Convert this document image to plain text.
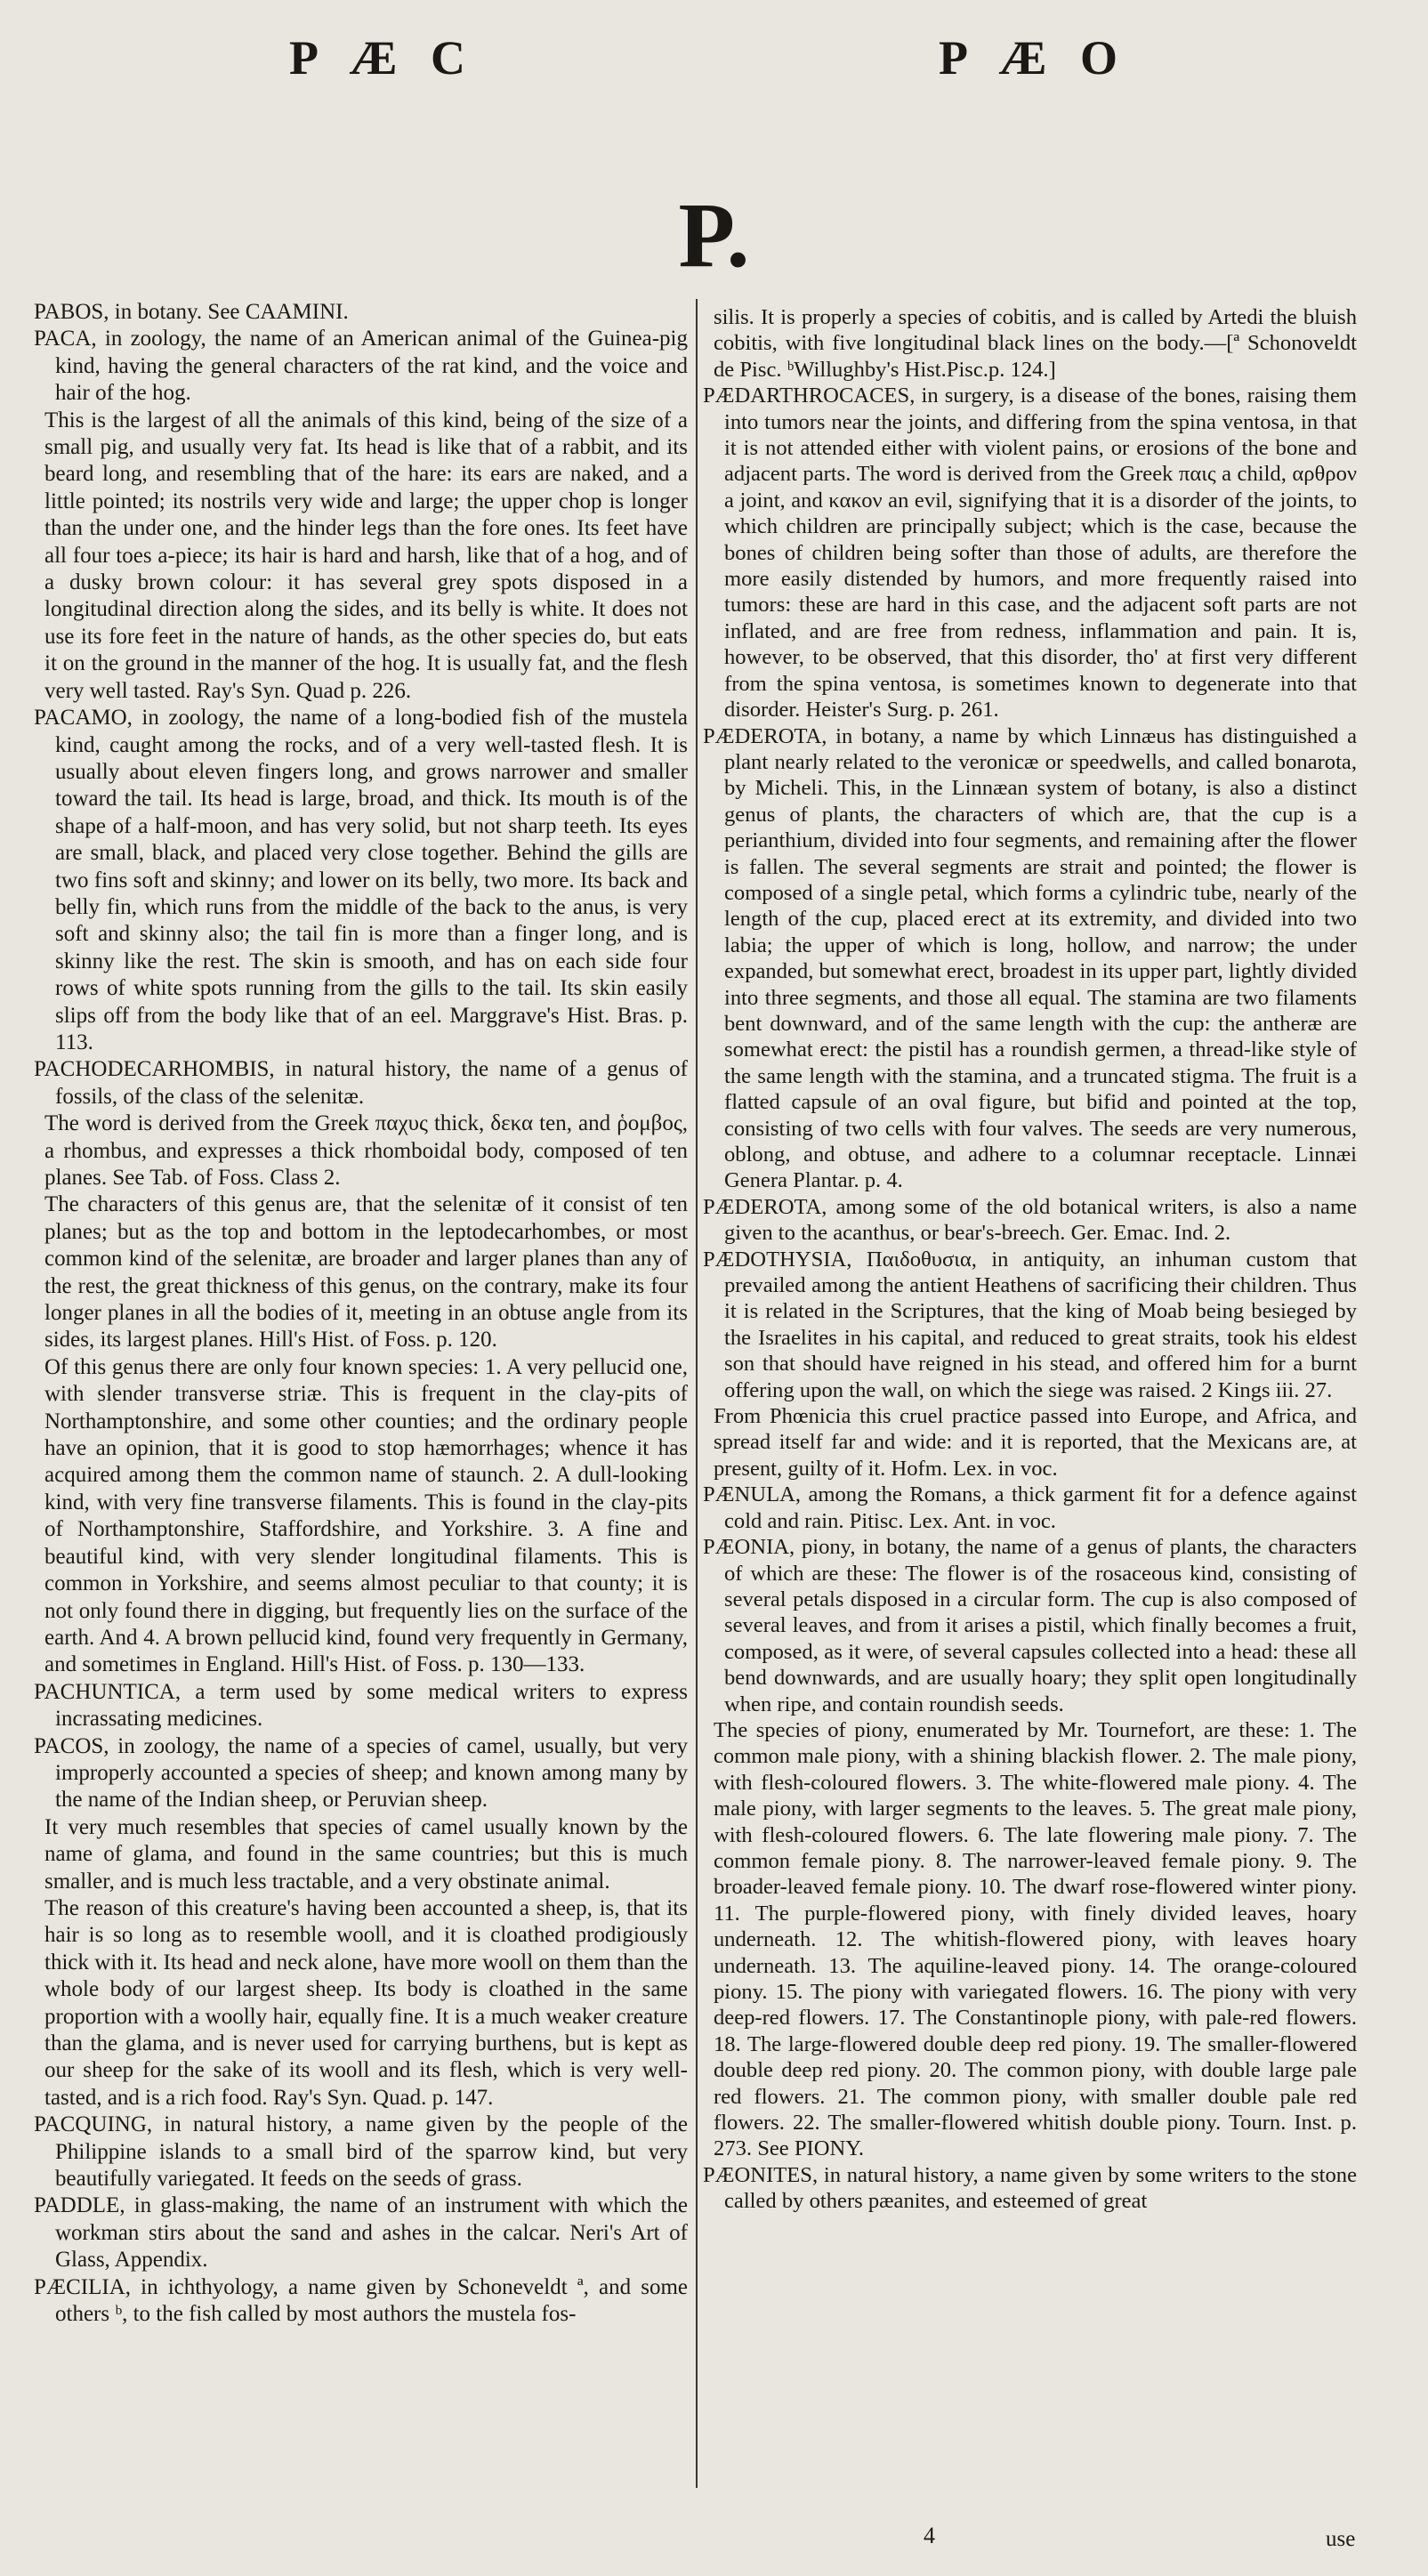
P Æ C	P Æ O
P.
PABOS, in botany. See CAAMINI.
PACA, in zoology, the name of an American animal of the Guinea-pig kind, having the general characters of the rat kind, and the voice and hair of the hog.
This is the largest of all the animals of this kind, being of the size of a small pig, and usually very fat. Its head is like that of a rabbit, and its beard long, and resembling that of the hare: its ears are naked, and a little pointed; its nostrils very wide and large; the upper chop is longer than the under one, and the hinder legs than the fore ones. Its feet have all four toes a-piece; its hair is hard and harsh, like that of a hog, and of a dusky brown colour: it has several grey spots disposed in a longitudinal direction along the sides, and its belly is white. It does not use its fore feet in the nature of hands, as the other species do, but eats it on the ground in the manner of the hog. It is usually fat, and the flesh very well tasted. Ray's Syn. Quad p. 226.
PACAMO, in zoology, the name of a long-bodied fish of the mustela kind, caught among the rocks, and of a very well-tasted flesh. It is usually about eleven fingers long, and grows narrower and smaller toward the tail. Its head is large, broad, and thick. Its mouth is of the shape of a half-moon, and has very solid, but not sharp teeth. Its eyes are small, black, and placed very close together. Behind the gills are two fins soft and skinny; and lower on its belly, two more. Its back and belly fin, which runs from the middle of the back to the anus, is very soft and skinny also; the tail fin is more than a finger long, and is skinny like the rest. The skin is smooth, and has on each side four rows of white spots running from the gills to the tail. Its skin easily slips off from the body like that of an eel. Marggrave's Hist. Bras. p. 113.
PACHODECARHOMBIS, in natural history, the name of a genus of fossils, of the class of the selenitæ.
The word is derived from the Greek παχυς thick, δεκα ten, and ῥομβος, a rhombus, and expresses a thick rhomboidal body, composed of ten planes. See Tab. of Foss. Class 2.
The characters of this genus are, that the selenitæ of it consist of ten planes; but as the top and bottom in the leptodecarhombes, or most common kind of the selenitæ, are broader and larger planes than any of the rest, the great thickness of this genus, on the contrary, make its four longer planes in all the bodies of it, meeting in an obtuse angle from its sides, its largest planes. Hill's Hist. of Foss. p. 120.
Of this genus there are only four known species: 1. A very pellucid one, with slender transverse striæ. This is frequent in the clay-pits of Northamptonshire, and some other counties; and the ordinary people have an opinion, that it is good to stop hæmorrhages; whence it has acquired among them the common name of staunch. 2. A dull-looking kind, with very fine transverse filaments. This is found in the clay-pits of Northamptonshire, Staffordshire, and Yorkshire. 3. A fine and beautiful kind, with very slender longitudinal filaments. This is common in Yorkshire, and seems almost peculiar to that county; it is not only found there in digging, but frequently lies on the surface of the earth. And 4. A brown pellucid kind, found very frequently in Germany, and sometimes in England. Hill's Hist. of Foss. p. 130—133.
PACHUNTICA, a term used by some medical writers to express incrassating medicines.
PACOS, in zoology, the name of a species of camel, usually, but very improperly accounted a species of sheep; and known among many by the name of the Indian sheep, or Peruvian sheep.
It very much resembles that species of camel usually known by the name of glama, and found in the same countries; but this is much smaller, and is much less tractable, and a very obstinate animal.
The reason of this creature's having been accounted a sheep, is, that its hair is so long as to resemble wooll, and it is cloathed prodigiously thick with it. Its head and neck alone, have more wooll on them than the whole body of our largest sheep. Its body is cloathed in the same proportion with a woolly hair, equally fine. It is a much weaker creature than the glama, and is never used for carrying burthens, but is kept as our sheep for the sake of its wooll and its flesh, which is very well-tasted, and is a rich food. Ray's Syn. Quad. p. 147.
PACQUING, in natural history, a name given by the people of the Philippine islands to a small bird of the sparrow kind, but very beautifully variegated. It feeds on the seeds of grass.
PADDLE, in glass-making, the name of an instrument with which the workman stirs about the sand and ashes in the calcar. Neri's Art of Glass, Appendix.
PÆCILIA, in ichthyology, a name given by Schoneveldt ª, and some others ᵇ, to the fish called by most authors the mustela fos-
silis. It is properly a species of cobitis, and is called by Artedi the bluish cobitis, with five longitudinal black lines on the body.—[ª Schonoveldt de Pisc. ᵇWillughby's Hist.Pisc.p. 124.]
PÆDARTHROCACES, in surgery, is a disease of the bones, raising them into tumors near the joints, and differing from the spina ventosa, in that it is not attended either with violent pains, or erosions of the bone and adjacent parts. The word is derived from the Greek παις a child, αρθρον a joint, and κακον an evil, signifying that it is a disorder of the joints, to which children are principally subject; which is the case, because the bones of children being softer than those of adults, are therefore the more easily distended by humors, and more frequently raised into tumors: these are hard in this case, and the adjacent soft parts are not inflated, and are free from redness, inflammation and pain. It is, however, to be observed, that this disorder, tho' at first very different from the spina ventosa, is sometimes known to degenerate into that disorder. Heister's Surg. p. 261.
PÆDEROTA, in botany, a name by which Linnæus has distinguished a plant nearly related to the veronicæ or speedwells, and called bonarota, by Micheli. This, in the Linnæan system of botany, is also a distinct genus of plants, the characters of which are, that the cup is a perianthium, divided into four segments, and remaining after the flower is fallen. The several segments are strait and pointed; the flower is composed of a single petal, which forms a cylindric tube, nearly of the length of the cup, placed erect at its extremity, and divided into two labia; the upper of which is long, hollow, and narrow; the under expanded, but somewhat erect, broadest in its upper part, lightly divided into three segments, and those all equal. The stamina are two filaments bent downward, and of the same length with the cup: the antheræ are somewhat erect: the pistil has a roundish germen, a thread-like style of the same length with the stamina, and a truncated stigma. The fruit is a flatted capsule of an oval figure, but bifid and pointed at the top, consisting of two cells with four valves. The seeds are very numerous, oblong, and obtuse, and adhere to a columnar receptacle. Linnæi Genera Plantar. p. 4.
PÆDEROTA, among some of the old botanical writers, is also a name given to the acanthus, or bear's-breech. Ger. Emac. Ind. 2.
PÆDOTHYSIA, Παιδοθυσια, in antiquity, an inhuman custom that prevailed among the antient Heathens of sacrificing their children. Thus it is related in the Scriptures, that the king of Moab being besieged by the Israelites in his capital, and reduced to great straits, took his eldest son that should have reigned in his stead, and offered him for a burnt offering upon the wall, on which the siege was raised. 2 Kings iii. 27.
From Phœnicia this cruel practice passed into Europe, and Africa, and spread itself far and wide: and it is reported, that the Mexicans are, at present, guilty of it. Hofm. Lex. in voc.
PÆNULA, among the Romans, a thick garment fit for a defence against cold and rain. Pitisc. Lex. Ant. in voc.
PÆONIA, piony, in botany, the name of a genus of plants, the characters of which are these: The flower is of the rosaceous kind, consisting of several petals disposed in a circular form. The cup is also composed of several leaves, and from it arises a pistil, which finally becomes a fruit, composed, as it were, of several capsules collected into a head: these all bend downwards, and are usually hoary; they split open longitudinally when ripe, and contain roundish seeds.
The species of piony, enumerated by Mr. Tournefort, are these: 1. The common male piony, with a shining blackish flower. 2. The male piony, with flesh-coloured flowers. 3. The white-flowered male piony. 4. The male piony, with larger segments to the leaves. 5. The great male piony, with flesh-coloured flowers. 6. The late flowering male piony. 7. The common female piony. 8. The narrower-leaved female piony. 9. The broader-leaved female piony. 10. The dwarf rose-flowered winter piony. 11. The purple-flowered piony, with finely divided leaves, hoary underneath. 12. The whitish-flowered piony, with leaves hoary underneath. 13. The aquiline-leaved piony. 14. The orange-coloured piony. 15. The piony with variegated flowers. 16. The piony with very deep-red flowers. 17. The Constantinople piony, with pale-red flowers. 18. The large-flowered double deep red piony. 19. The smaller-flowered double deep red piony. 20. The common piony, with double large pale red flowers. 21. The common piony, with smaller double pale red flowers. 22. The smaller-flowered whitish double piony. Tourn. Inst. p. 273. See PIONY.
PÆONITES, in natural history, a name given by some writers to the stone called by others pæanites, and esteemed of great
4	use
